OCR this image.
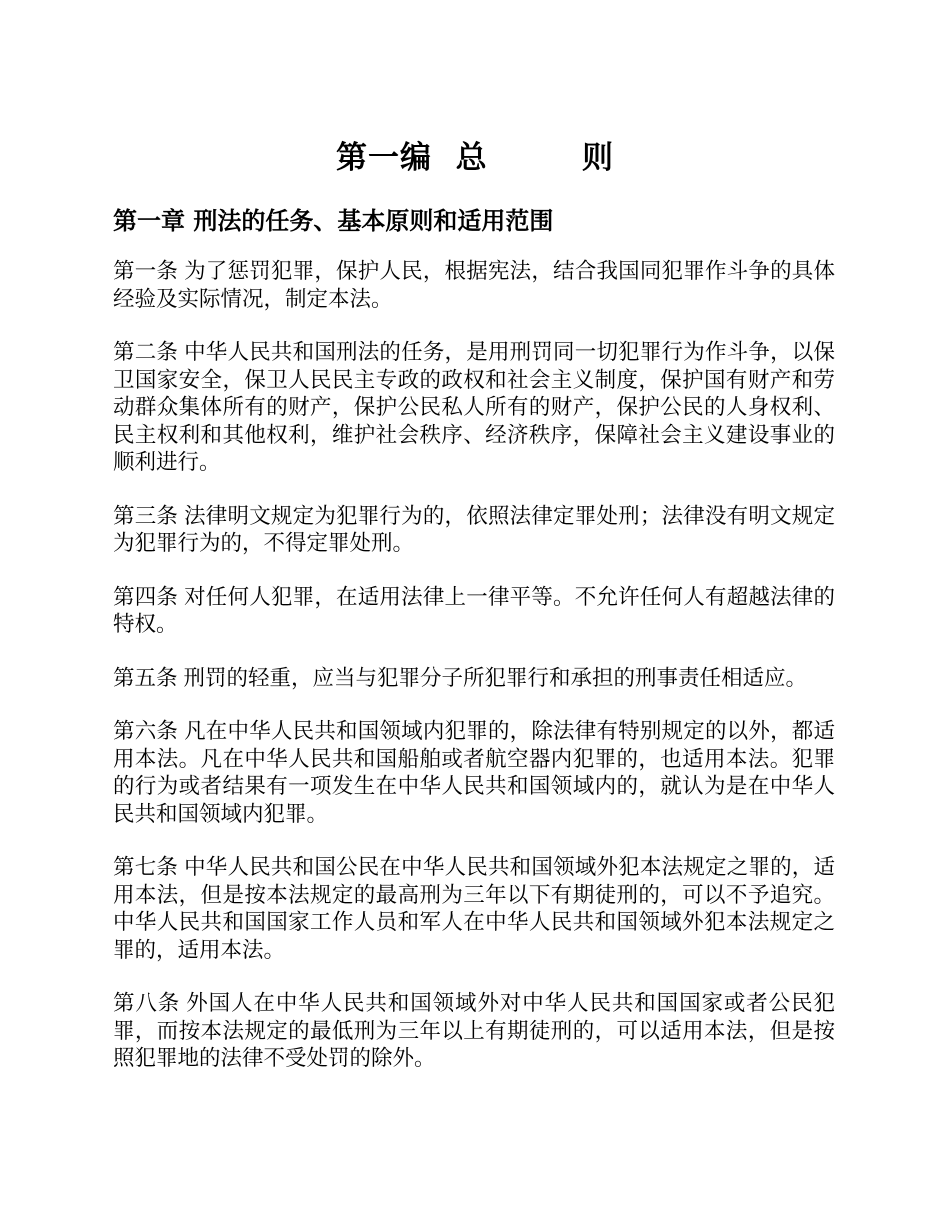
第一编  总        则
第一章 刑法的任务、基本原则和适用范围

第一条 为了惩罚犯罪，保护人民，根据宪法，结合我国同犯罪作斗争的具体经验及实际情况，制定本法。

第二条 中华人民共和国刑法的任务，是用刑罚同一切犯罪行为作斗争，以保卫国家安全，保卫人民民主专政的政权和社会主义制度，保护国有财产和劳动群众集体所有的财产，保护公民私人所有的财产，保护公民的人身权利、民主权利和其他权利，维护社会秩序、经济秩序，保障社会主义建设事业的顺利进行。

第三条 法律明文规定为犯罪行为的，依照法律定罪处刑；法律没有明文规定为犯罪行为的，不得定罪处刑。

第四条 对任何人犯罪，在适用法律上一律平等。不允许任何人有超越法律的特权。

第五条 刑罚的轻重，应当与犯罪分子所犯罪行和承担的刑事责任相适应。

第六条 凡在中华人民共和国领域内犯罪的，除法律有特别规定的以外，都适用本法。凡在中华人民共和国船舶或者航空器内犯罪的，也适用本法。犯罪的行为或者结果有一项发生在中华人民共和国领域内的，就认为是在中华人民共和国领域内犯罪。

第七条 中华人民共和国公民在中华人民共和国领域外犯本法规定之罪的，适用本法，但是按本法规定的最高刑为三年以下有期徒刑的，可以不予追究。中华人民共和国国家工作人员和军人在中华人民共和国领域外犯本法规定之罪的，适用本法。

第八条 外国人在中华人民共和国领域外对中华人民共和国国家或者公民犯罪，而按本法规定的最低刑为三年以上有期徒刑的，可以适用本法，但是按照犯罪地的法律不受处罚的除外。
